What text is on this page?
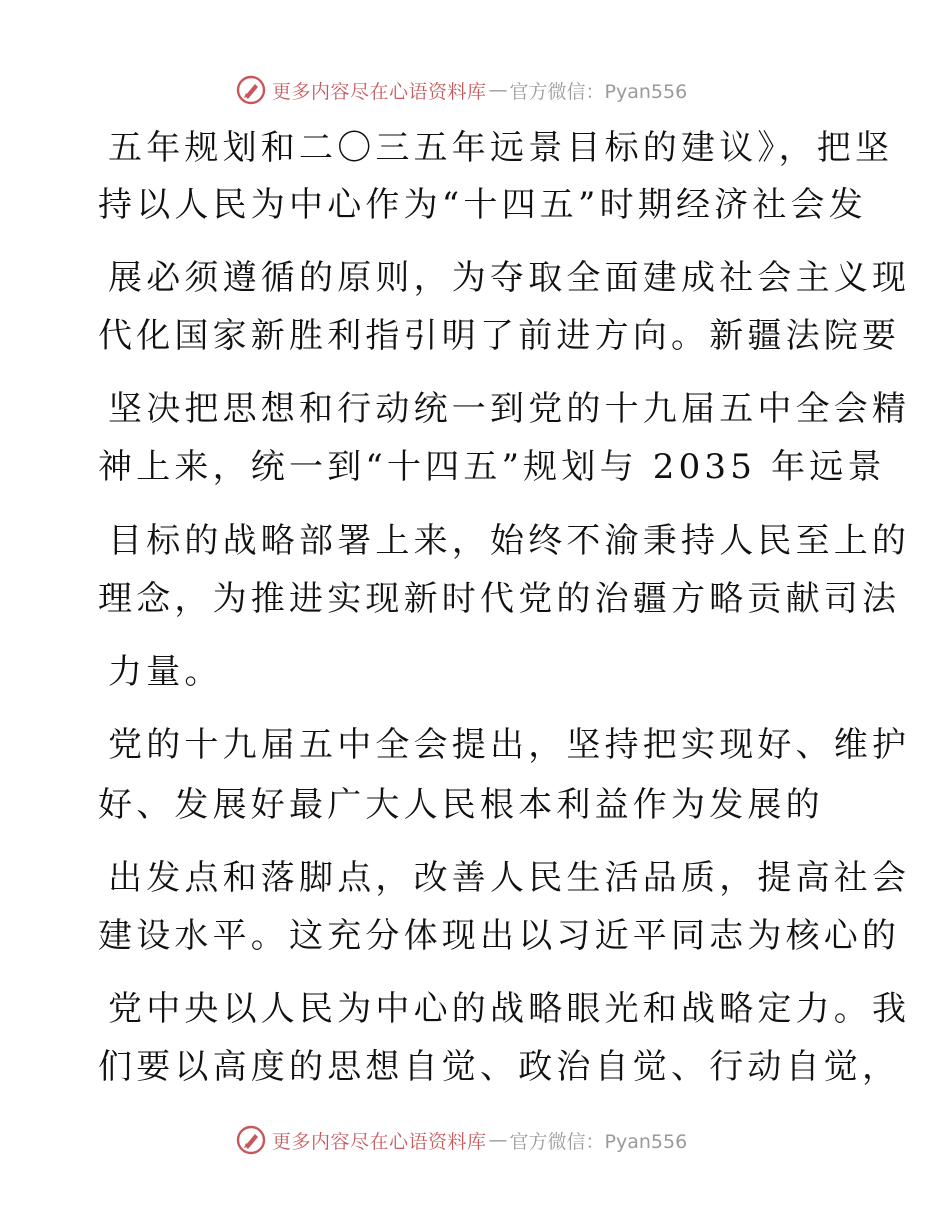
更多内容尽在心语资料库 — 官方微信：Pyan556
五年规划和二〇三五年远景目标的建议》，把坚
持以人民为中心作为“十四五”时期经济社会发
展必须遵循的原则，为夺取全面建成社会主义现
代化国家新胜利指引明了前进方向。新疆法院要
坚决把思想和行动统一到党的十九届五中全会精
神上来，统一到“十四五”规划与 2035 年远景
目标的战略部署上来，始终不渝秉持人民至上的
理念，为推进实现新时代党的治疆方略贡献司法
力量。
党的十九届五中全会提出，坚持把实现好、维护
好、发展好最广大人民根本利益作为发展的
出发点和落脚点，改善人民生活品质，提高社会
建设水平。这充分体现出以习近平同志为核心的
党中央以人民为中心的战略眼光和战略定力。我
们要以高度的思想自觉、政治自觉、行动自觉，
更多内容尽在心语资料库 — 官方微信：Pyan556
